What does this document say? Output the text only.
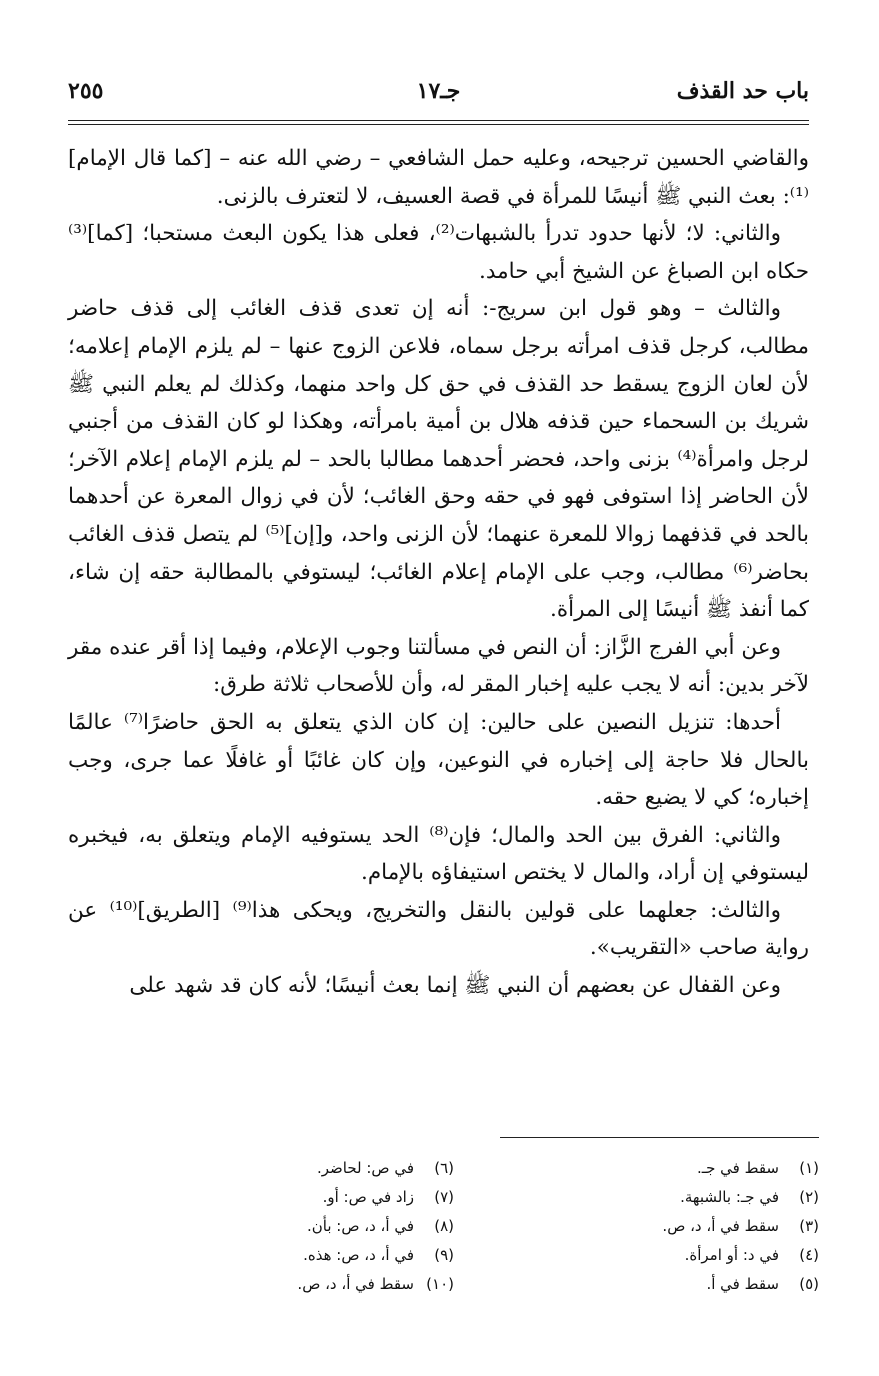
باب حد القذف
جـ١٧
٢٥٥

والقاضي الحسين ترجيحه، وعليه حمل الشافعي – رضي الله عنه – [كما قال الإمام]⁽¹⁾: بعث النبي ﷺ أنيسًا للمرأة في قصة العسيف، لا لتعترف بالزنى.

والثاني: لا؛ لأنها حدود تدرأ بالشبهات⁽²⁾، فعلى هذا يكون البعث مستحبا؛ [كما]⁽³⁾ حكاه ابن الصباغ عن الشيخ أبي حامد.

والثالث – وهو قول ابن سريج-: أنه إن تعدى قذف الغائب إلى قذف حاضر مطالب، كرجل قذف امرأته برجل سماه، فلاعن الزوج عنها – لم يلزم الإمام إعلامه؛ لأن لعان الزوج يسقط حد القذف في حق كل واحد منهما، وكذلك لم يعلم النبي ﷺ شريك بن السحماء حين قذفه هلال بن أمية بامرأته، وهكذا لو كان القذف من أجنبي لرجل وامرأة⁽⁴⁾ بزنى واحد، فحضر أحدهما مطالبا بالحد – لم يلزم الإمام إعلام الآخر؛ لأن الحاضر إذا استوفى فهو في حقه وحق الغائب؛ لأن في زوال المعرة عن أحدهما بالحد في قذفهما زوالا للمعرة عنهما؛ لأن الزنى واحد، و[إن]⁽⁵⁾ لم يتصل قذف الغائب بحاضر⁽⁶⁾ مطالب، وجب على الإمام إعلام الغائب؛ ليستوفي بالمطالبة حقه إن شاء، كما أنفذ ﷺ أنيسًا إلى المرأة.

وعن أبي الفرج الزَّاز: أن النص في مسألتنا وجوب الإعلام، وفيما إذا أقر عنده مقر لآخر بدين: أنه لا يجب عليه إخبار المقر له، وأن للأصحاب ثلاثة طرق:

أحدها: تنزيل النصين على حالين: إن كان الذي يتعلق به الحق حاضرًا⁽⁷⁾ عالمًا بالحال فلا حاجة إلى إخباره في النوعين، وإن كان غائبًا أو غافلًا عما جرى، وجب إخباره؛ كي لا يضيع حقه.

والثاني: الفرق بين الحد والمال؛ فإن⁽⁸⁾ الحد يستوفيه الإمام ويتعلق به، فيخبره ليستوفي إن أراد، والمال لا يختص استيفاؤه بالإمام.

والثالث: جعلهما على قولين بالنقل والتخريج، ويحكى هذا⁽⁹⁾ [الطريق]⁽¹⁰⁾ عن رواية صاحب «التقريب».

وعن القفال عن بعضهم أن النبي ﷺ إنما بعث أنيسًا؛ لأنه كان قد شهد على

(١)سقط في جـ.
(٢)في جـ: بالشبهة.
(٣)سقط في أ، د، ص.
(٤)في د: أو امرأة.
(٥)سقط في أ.
(٦)في ص: لحاضر.
(٧)زاد في ص: أو.
(٨)في أ، د، ص: بأن.
(٩)في أ، د، ص: هذه.
(١٠)سقط في أ، د، ص.
